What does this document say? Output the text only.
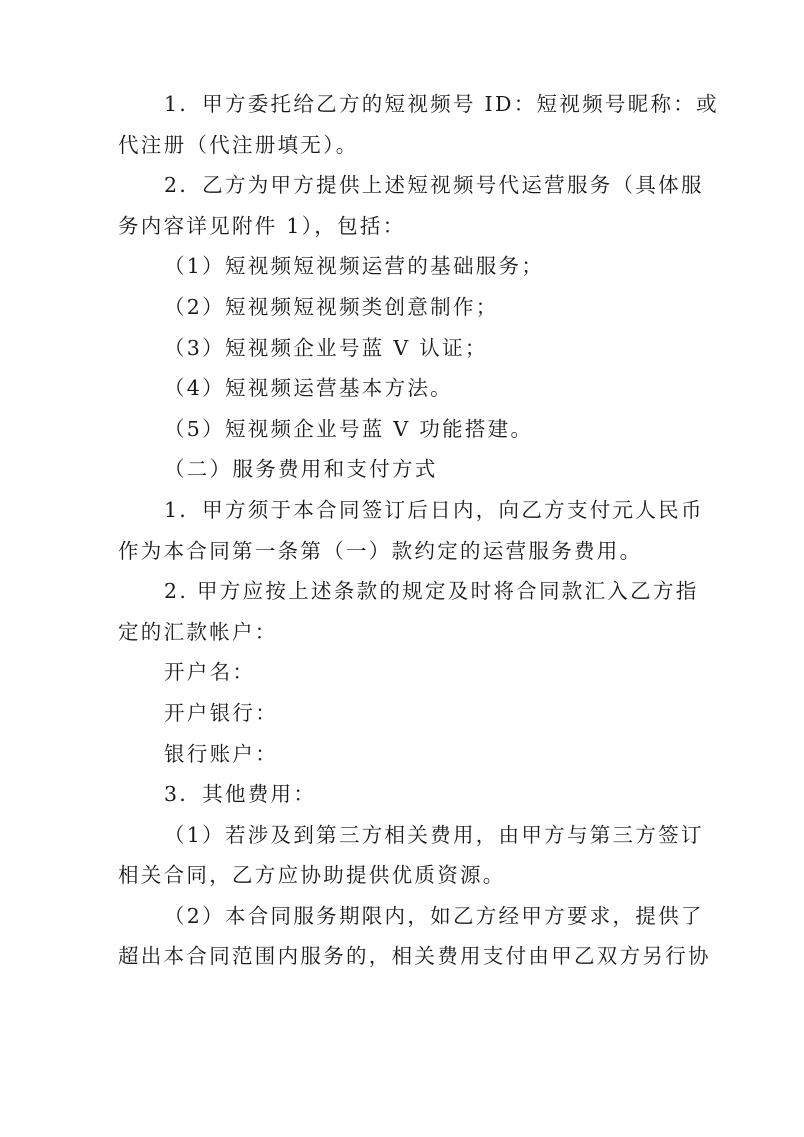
1．甲方委托给乙方的短视频号 ID：短视频号昵称：或

代注册（代注册填无）。

2．乙方为甲方提供上述短视频号代运营服务（具体服

务内容详见附件 1），包括：

（1）短视频短视频运营的基础服务；

（2）短视频短视频类创意制作；

（3）短视频企业号蓝 V 认证；

（4）短视频运营基本方法。

（5）短视频企业号蓝 V 功能搭建。

（二）服务费用和支付方式

1．甲方须于本合同签订后日内，向乙方支付元人民币

作为本合同第一条第（一）款约定的运营服务费用。

2. 甲方应按上述条款的规定及时将合同款汇入乙方指

定的汇款帐户：

开户名：

开户银行：

银行账户：

3．其他费用：

（1）若涉及到第三方相关费用，由甲方与第三方签订

相关合同，乙方应协助提供优质资源。

（2）本合同服务期限内，如乙方经甲方要求，提供了

超出本合同范围内服务的，相关费用支付由甲乙双方另行协
